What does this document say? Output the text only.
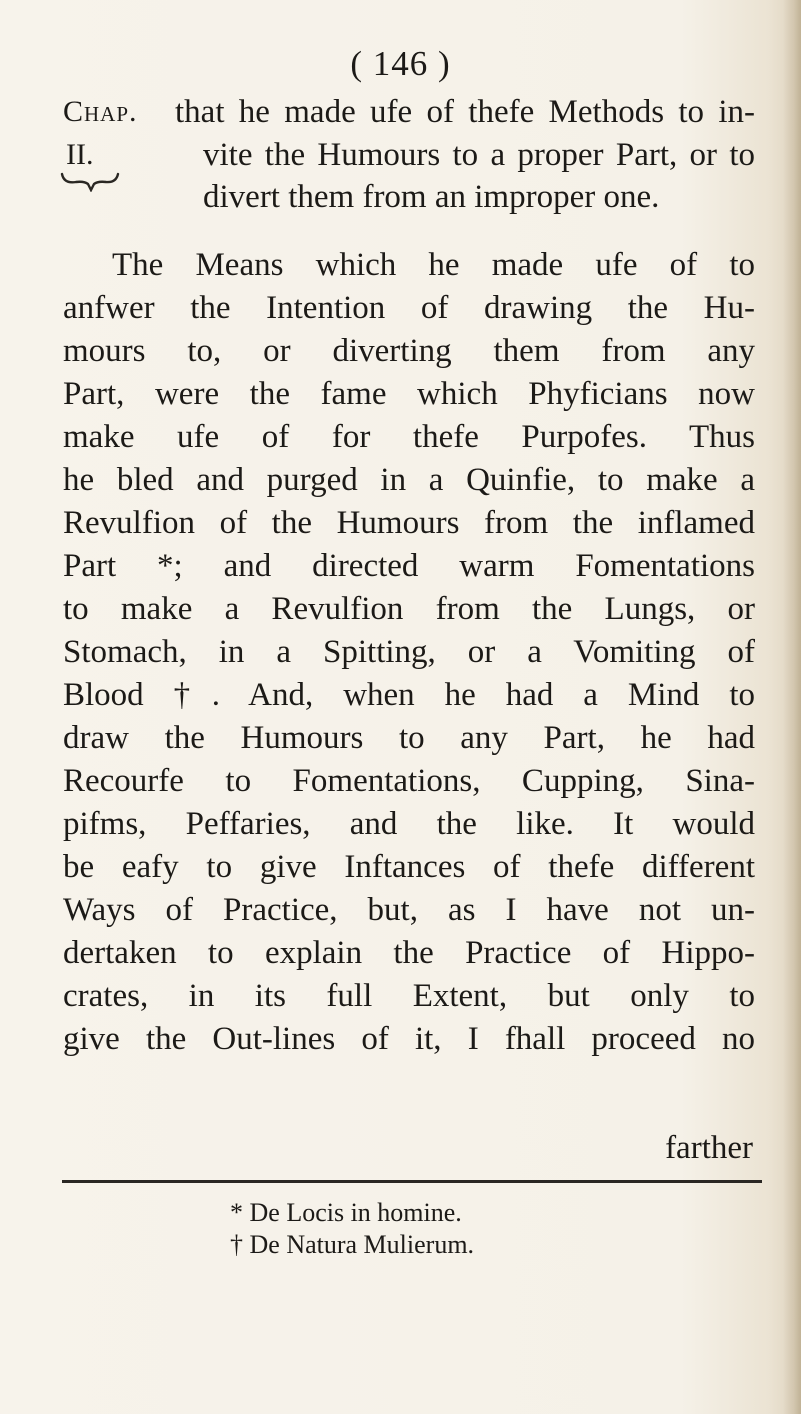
( 146 )
Chap.
II.
that he made ufe of thefe Methods to in-
vite the Humours to a proper Part, or to
divert them from an improper one.
The Means which he made ufe of to
anfwer the Intention of drawing the Hu-
mours to, or diverting them from any
Part, were the fame which Phyficians now
make ufe of for thefe Purpofes. Thus
he bled and purged in a Quinfie, to make a
Revulfion of the Humours from the inflamed
Part *; and directed warm Fomentations
to make a Revulfion from the Lungs, or
Stomach, in a Spitting, or a Vomiting of
Blood †. And, when he had a Mind to
draw the Humours to any Part, he had
Recourfe to Fomentations, Cupping, Sina-
pifms, Peffaries, and the like. It would
be eafy to give Inftances of thefe different
Ways of Practice, but, as I have not un-
dertaken to explain the Practice of Hippo-
crates, in its full Extent, but only to
give the Out-lines of it, I fhall proceed no
farther
* De Locis in homine.
† De Natura Mulierum.
